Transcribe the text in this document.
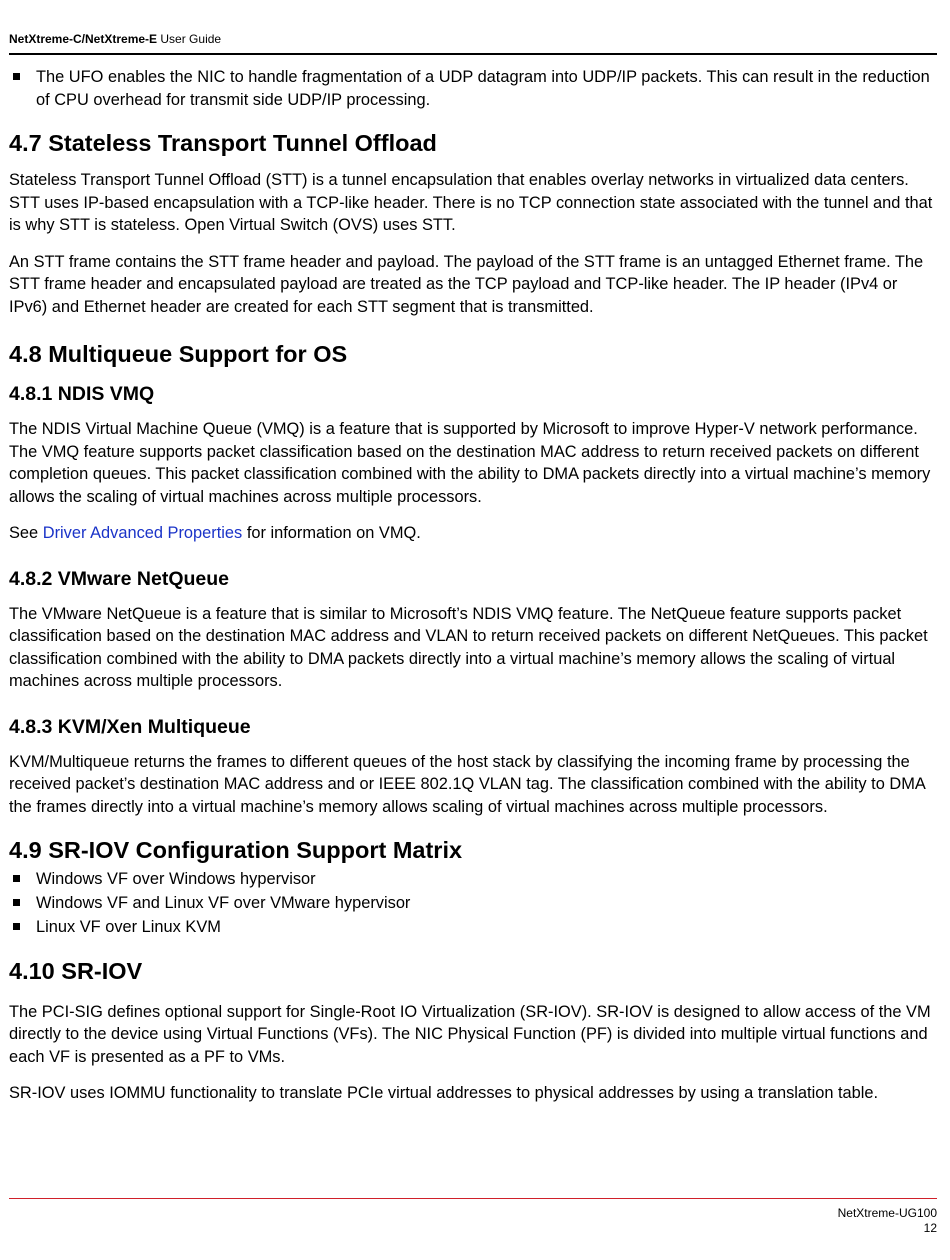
NetXtreme-C/NetXtreme-E User Guide
The UFO enables the NIC to handle fragmentation of a UDP datagram into UDP/IP packets. This can result in the reduction of CPU overhead for transmit side UDP/IP processing.
4.7 Stateless Transport Tunnel Offload

Stateless Transport Tunnel Offload (STT) is a tunnel encapsulation that enables overlay networks in virtualized data centers. STT uses IP-based encapsulation with a TCP-like header. There is no TCP connection state associated with the tunnel and that is why STT is stateless. Open Virtual Switch (OVS) uses STT.

An STT frame contains the STT frame header and payload. The payload of the STT frame is an untagged Ethernet frame. The STT frame header and encapsulated payload are treated as the TCP payload and TCP-like header. The IP header (IPv4 or IPv6) and Ethernet header are created for each STT segment that is transmitted.

4.8 Multiqueue Support for OS
4.8.1 NDIS VMQ

The NDIS Virtual Machine Queue (VMQ) is a feature that is supported by Microsoft to improve Hyper-V network performance. The VMQ feature supports packet classification based on the destination MAC address to return received packets on different completion queues. This packet classification combined with the ability to DMA packets directly into a virtual machine’s memory allows the scaling of virtual machines across multiple processors.

See Driver Advanced Properties for information on VMQ.

4.8.2 VMware NetQueue

The VMware NetQueue is a feature that is similar to Microsoft’s NDIS VMQ feature. The NetQueue feature supports packet classification based on the destination MAC address and VLAN to return received packets on different NetQueues. This packet classification combined with the ability to DMA packets directly into a virtual machine’s memory allows the scaling of virtual machines across multiple processors.

4.8.3 KVM/Xen Multiqueue

KVM/Multiqueue returns the frames to different queues of the host stack by classifying the incoming frame by processing the received packet’s destination MAC address and or IEEE 802.1Q VLAN tag. The classification combined with the ability to DMA the frames directly into a virtual machine’s memory allows scaling of virtual machines across multiple processors.

4.9 SR-IOV Configuration Support Matrix
Windows VF over Windows hypervisor
Windows VF and Linux VF over VMware hypervisor
Linux VF over Linux KVM
4.10 SR-IOV

The PCI-SIG defines optional support for Single-Root IO Virtualization (SR-IOV). SR-IOV is designed to allow access of the VM directly to the device using Virtual Functions (VFs). The NIC Physical Function (PF) is divided into multiple virtual functions and each VF is presented as a PF to VMs.

SR-IOV uses IOMMU functionality to translate PCIe virtual addresses to physical addresses by using a translation table.

NetXtreme-UG100
12
